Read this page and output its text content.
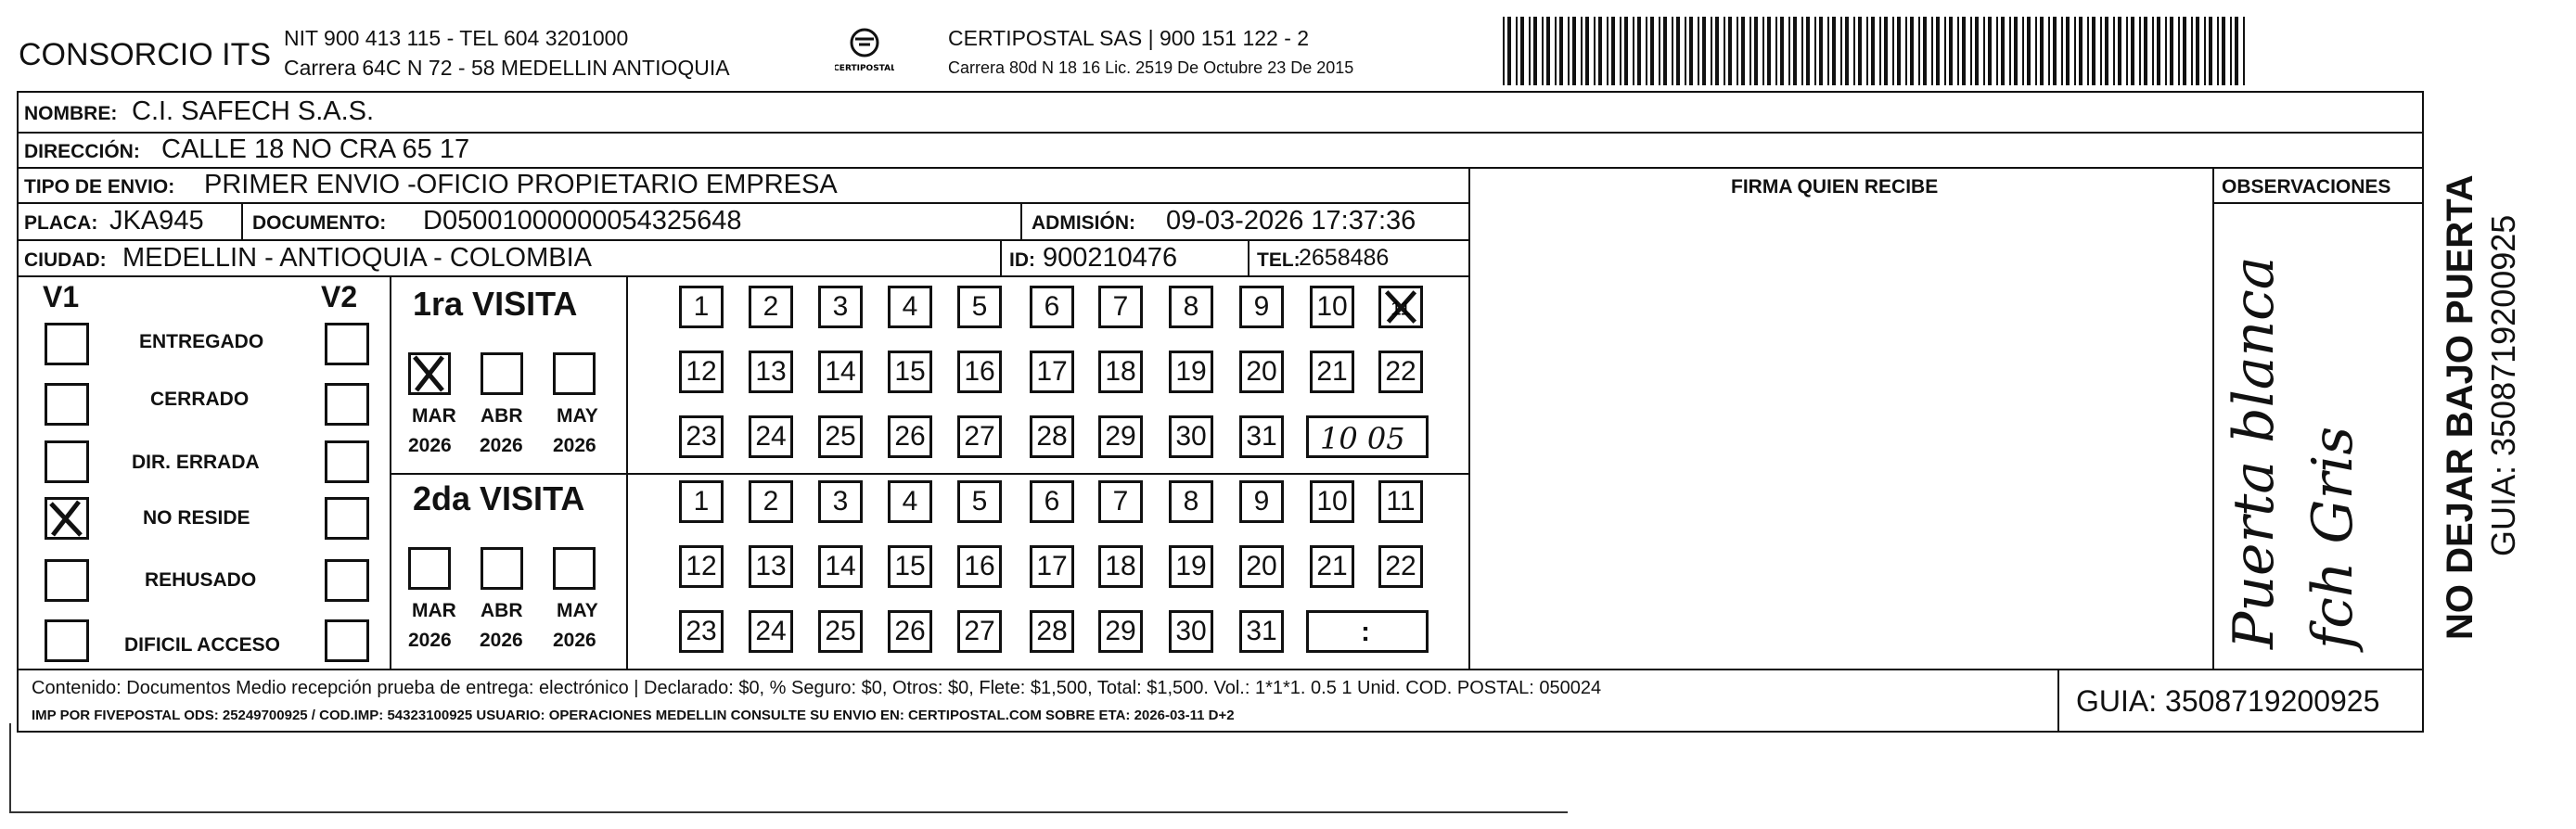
CONSORCIO ITS NIT 900 413 115 - TEL 604 3201000
Carrera 64C N 72 - 58 MEDELLIN ANTIOQUIA	CERTIPOSTAL
CERTIPOSTAL SAS | 900 151 122 - 2
Carrera 80d N 18 16 Lic. 2519 De Octubre 23 De 2015
NOMBRE: C.I. SAFECH S.A.S.
DIRECCIÓN: CALLE 18 NO CRA 65 17
TIPO DE ENVIO: PRIMER ENVIO -OFICIO PROPIETARIO EMPRESA
PLACA: JKA945 DOCUMENTO: D05001000000054325648	ADMISIÓN: 09-03-2026 17:37:36
CIUDAD: MEDELLIN - ANTIOQUIA - COLOMBIA	ID: 900210476	TEL:
2658486
FIRMA QUIEN RECIBE	OBSERVACIONES
V1	V2
ENTREGADO
CERRADO
DIR. ERRADA
NO RESIDE
REHUSADO
DIFICIL ACCESO
1ra VISITA
2da VISITA
MAR ABR MAY
2026 2026 2026
MAR ABR MAY
2026 2026 2026
1 2 3 4 5 6 7 8 9 10 11
12 13 14 15 16 17 18 19 20 21 22
23 24 25 26 27 28 29 30 31
1 2 3 4 5 6 7 8 9 10 11
12 13 14 15 16 17 18 19 20 21 22
23 24 25 26 27 28 29 30 31
10 05
:	Puerta blanca fch Gris
Contenido: Documentos Medio recepción prueba de entrega: electrónico | Declarado: $0, % Seguro: $0, Otros: $0, Flete: $1,500, Total: $1,500. Vol.: 1*1*1. 0.5 1 Unid. COD. POSTAL: 050024
IMP POR FIVEPOSTAL ODS: 25249700925 / COD.IMP: 54323100925 USUARIO: OPERACIONES MEDELLIN CONSULTE SU ENVIO EN: CERTIPOSTAL.COM SOBRE ETA: 2026-03-11 D+2	GUIA: 3508719200925
NO DEJAR BAJO PUERTA GUIA: 3508719200925
